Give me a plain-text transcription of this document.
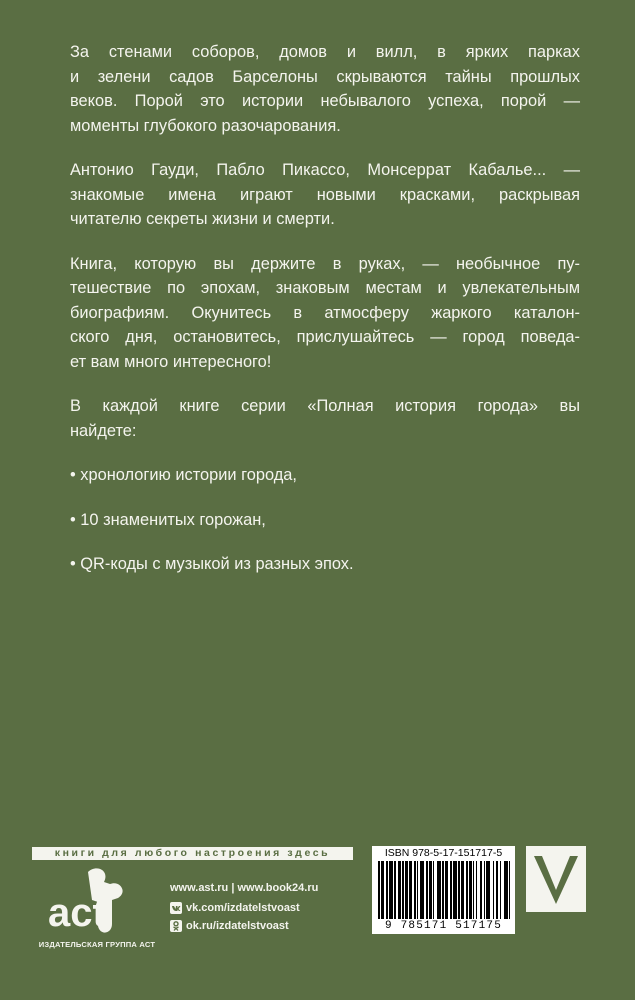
За стенами соборов, домов и вилл, в ярких парках
и зелени садов Барселоны скрываются тайны прошлых
веков. Порой это истории небывалого успеха, порой —
моменты глубокого разочарования.

Антонио Гауди, Пабло Пикассо, Монсеррат Кабалье... —
знакомые имена играют новыми красками, раскрывая
читателю секреты жизни и смерти.

Книга, которую вы держите в руках, — необычное пу-
тешествие по эпохам, знаковым местам и увлекательным
биографиям. Окунитесь в атмосферу жаркого каталон-
ского дня, остановитесь, прислушайтесь — город поведа-
ет вам много интересного!

В каждой книге серии «Полная история города» вы
найдете:

• хронологию истории города,
• 10 знаменитых горожан,
• QR-коды с музыкой из разных эпох.
книги для любого настроения здесь
act
ИЗДАТЕЛЬСКАЯ ГРУППА АСТ
www.ast.ru | www.book24.ru
vk.com/izdatelstvoast
ok.ru/izdatelstvoast
ISBN 978-5-17-151717-5
9 785171 517175
